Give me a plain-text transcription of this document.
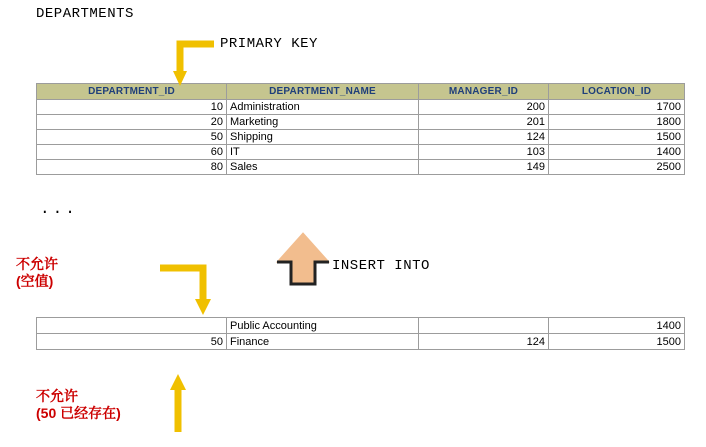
DEPARTMENTS
PRIMARY KEY
INSERT INTO
DEPARTMENT_ID	DEPARTMENT_NAME	MANAGER_ID	LOCATION_ID
10	Administration	200	1700
20	Marketing	201	1800
50	Shipping	124	1500
60	IT	103	1400
80	Sales	149	2500
...
	Public Accounting		1400
50	Finance	124	1500
不允许
(空值)
不允许
(50 已经存在)
